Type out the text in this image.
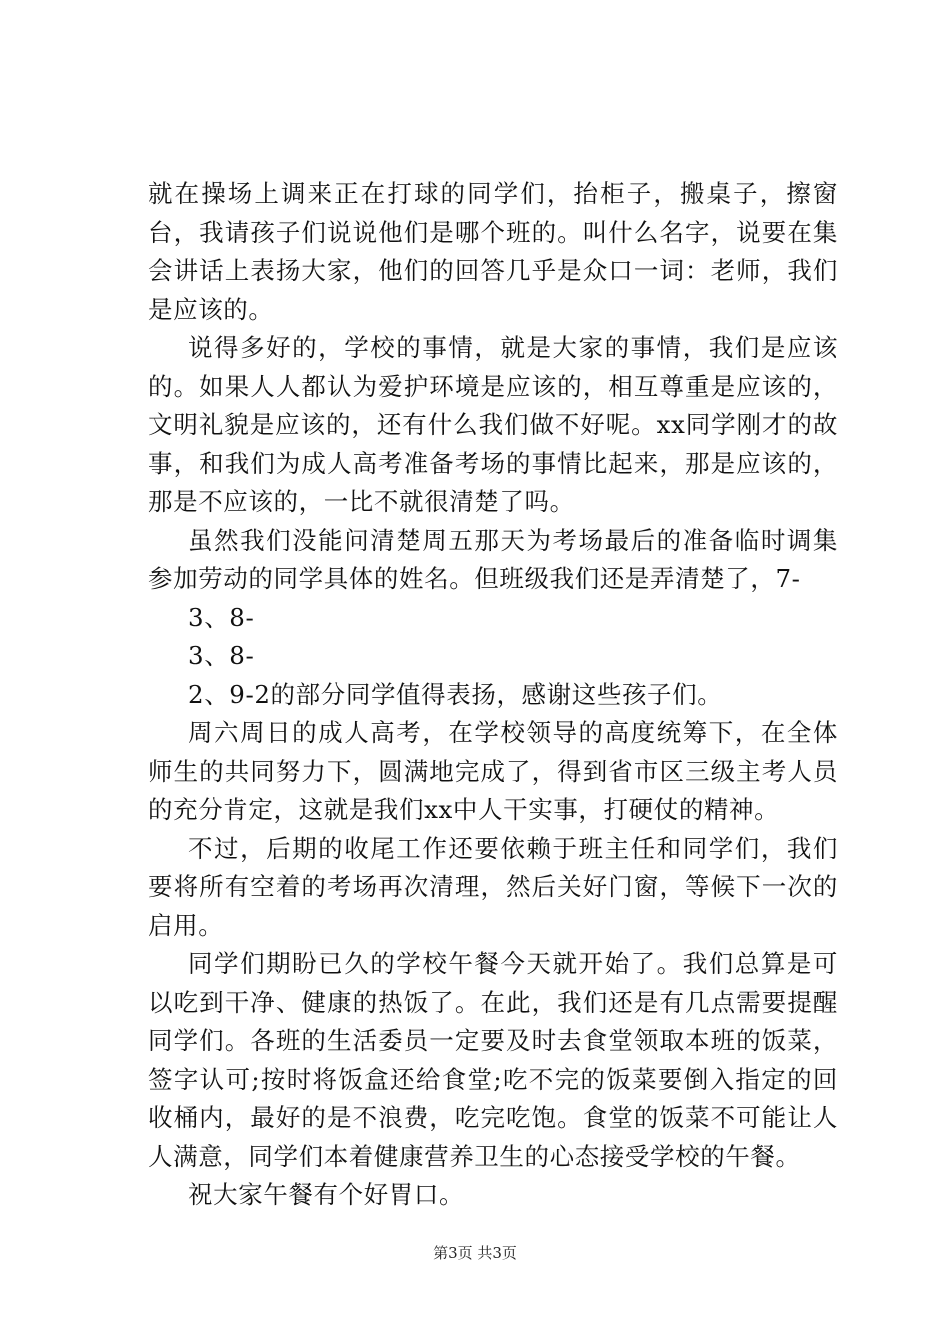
就在操场上调来正在打球的同学们，抬柜子，搬桌子，擦窗台，我请孩子们说说他们是哪个班的。叫什么名字，说要在集会讲话上表扬大家，他们的回答几乎是众口一词：老师，我们是应该的。

说得多好的，学校的事情，就是大家的事情，我们是应该的。如果人人都认为爱护环境是应该的，相互尊重是应该的，文明礼貌是应该的，还有什么我们做不好呢。xx同学刚才的故事，和我们为成人高考准备考场的事情比起来，那是应该的，那是不应该的，一比不就很清楚了吗。

虽然我们没能问清楚周五那天为考场最后的准备临时调集参加劳动的同学具体的姓名。但班级我们还是弄清楚了，7-

3、8-

3、8-

2、9-2的部分同学值得表扬，感谢这些孩子们。

周六周日的成人高考，在学校领导的高度统筹下，在全体师生的共同努力下，圆满地完成了，得到省市区三级主考人员的充分肯定，这就是我们xx中人干实事，打硬仗的精神。

不过，后期的收尾工作还要依赖于班主任和同学们，我们要将所有空着的考场再次清理，然后关好门窗，等候下一次的启用。

同学们期盼已久的学校午餐今天就开始了。我们总算是可以吃到干净、健康的热饭了。在此，我们还是有几点需要提醒同学们。各班的生活委员一定要及时去食堂领取本班的饭菜，签字认可;按时将饭盒还给食堂;吃不完的饭菜要倒入指定的回收桶内，最好的是不浪费，吃完吃饱。食堂的饭菜不可能让人人满意，同学们本着健康营养卫生的心态接受学校的午餐。

祝大家午餐有个好胃口。

第3页 共3页
